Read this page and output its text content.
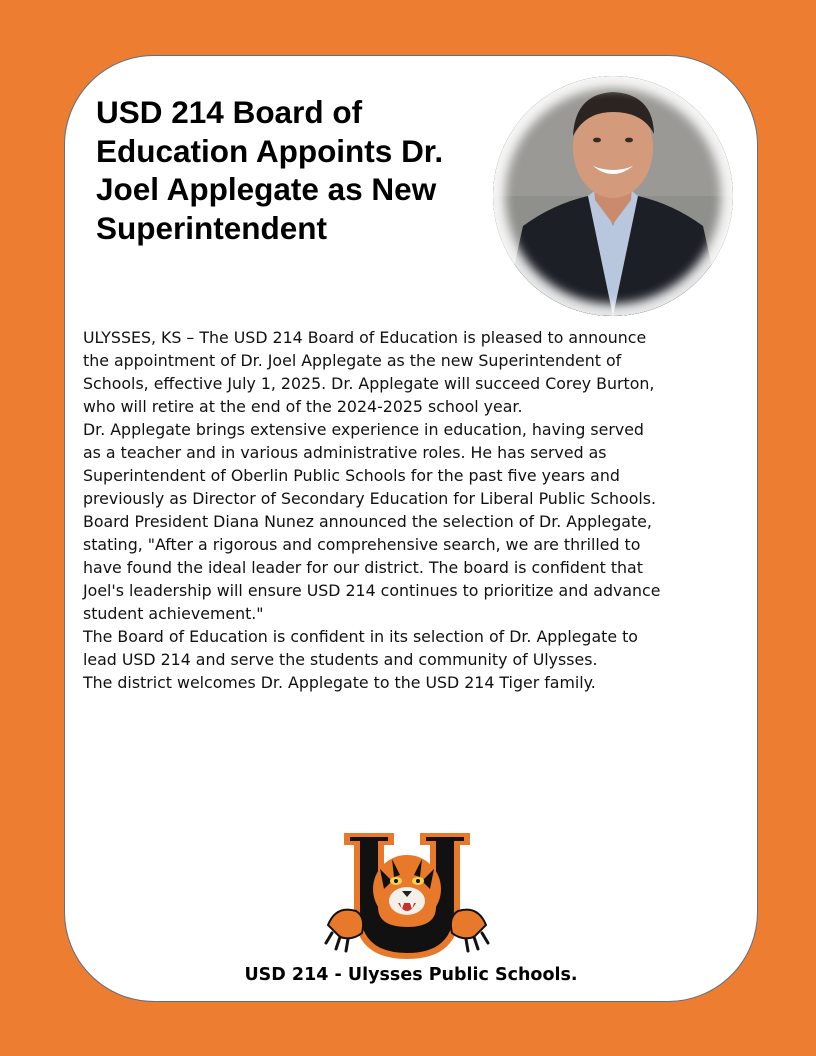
USD 214 Board of Education Appoints Dr. Joel Applegate as New Superintendent

ULYSSES, KS – The USD 214 Board of Education is pleased to announce the appointment of Dr. Joel Applegate as the new Superintendent of Schools, effective July 1, 2025. Dr. Applegate will succeed Corey Burton, who will retire at the end of the 2024-2025 school year.

Dr. Applegate brings extensive experience in education, having served as a teacher and in various administrative roles. He has served as Superintendent of Oberlin Public Schools for the past five years and previously as Director of Secondary Education for Liberal Public Schools.

Board President Diana Nunez announced the selection of Dr. Applegate, stating, "After a rigorous and comprehensive search, we are thrilled to have found the ideal leader for our district. The board is confident that Joel's leadership will ensure USD 214 continues to prioritize and advance student achievement."

The Board of Education is confident in its selection of Dr. Applegate to lead USD 214 and serve the students and community of Ulysses.

The district welcomes Dr. Applegate to the USD 214 Tiger family.

USD 214 - Ulysses Public Schools.
